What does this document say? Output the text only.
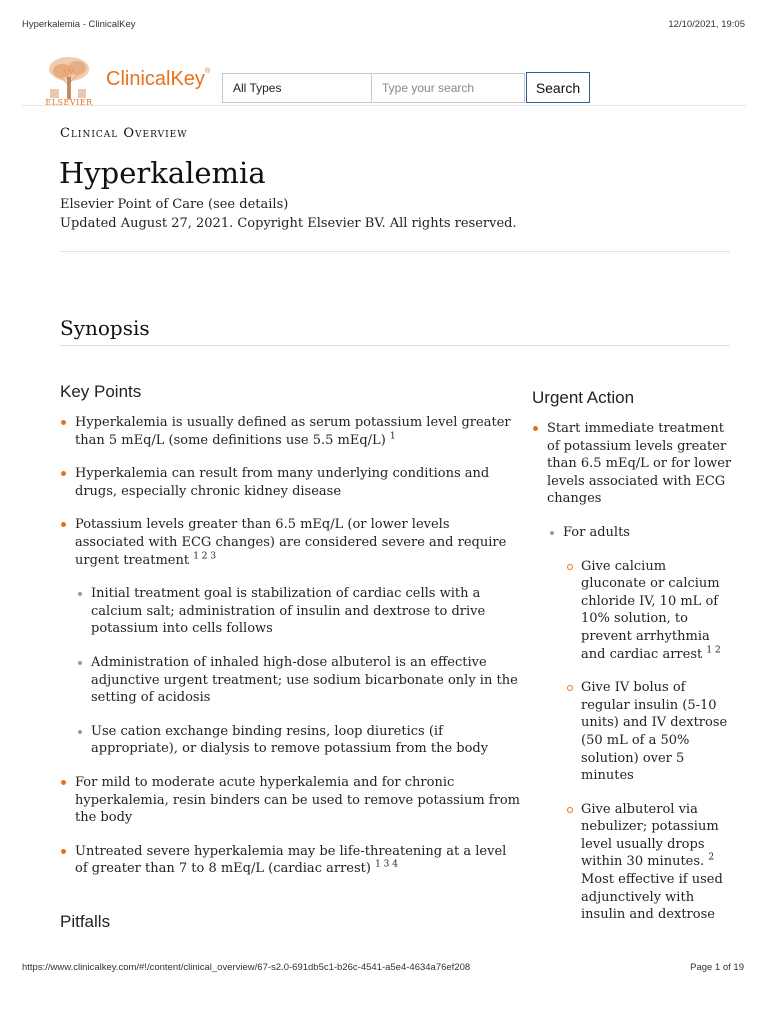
Hyperkalemia - ClinicalKey	12/10/2021, 19:05
ELSEVIER
ClinicalKey®
All Types
Type your search	Search
Clinical Overview
Hyperkalemia
Elsevier Point of Care (see details)
Updated August 27, 2021. Copyright Elsevier BV. All rights reserved.
Synopsis
Key Points
Hyperkalemia is usually defined as serum potassium level greater than 5 mEq/L (some definitions use 5.5 mEq/L) $^1$
Hyperkalemia can result from many underlying conditions and drugs, especially chronic kidney disease
Potassium levels greater than 6.5 mEq/L (or lower levels associated with ECG changes) are considered severe and require urgent treatment $^{1 2 3}$
Initial treatment goal is stabilization of cardiac cells with a calcium salt; administration of insulin and dextrose to drive potassium into cells follows
Administration of inhaled high-dose albuterol is an effective adjunctive urgent treatment; use sodium bicarbonate only in the setting of acidosis
Use cation exchange binding resins, loop diuretics (if appropriate), or dialysis to remove potassium from the body
For mild to moderate acute hyperkalemia and for chronic hyperkalemia, resin binders can be used to remove potassium from the body
Untreated severe hyperkalemia may be life-threatening at a level of greater than 7 to 8 mEq/L (cardiac arrest) $^{1 3 4}$
Pitfalls
Urgent Action
Start immediate treatment of potassium levels greater than 6.5 mEq/L or for lower levels associated with ECG changes
For adults
Give calcium gluconate or calcium chloride IV, 10 mL of 10% solution, to prevent arrhythmia and cardiac arrest $^{1 2}$
Give IV bolus of regular insulin (5-10 units) and IV dextrose (50 mL of a 50% solution) over 5 minutes
Give albuterol via nebulizer; potassium level usually drops within 30 minutes. $^2$ Most effective if used adjunctively with insulin and dextrose
https://www.clinicalkey.com/#!/content/clinical_overview/67-s2.0-691db5c1-b26c-4541-a5e4-4634a76ef208	Page 1 of 19
